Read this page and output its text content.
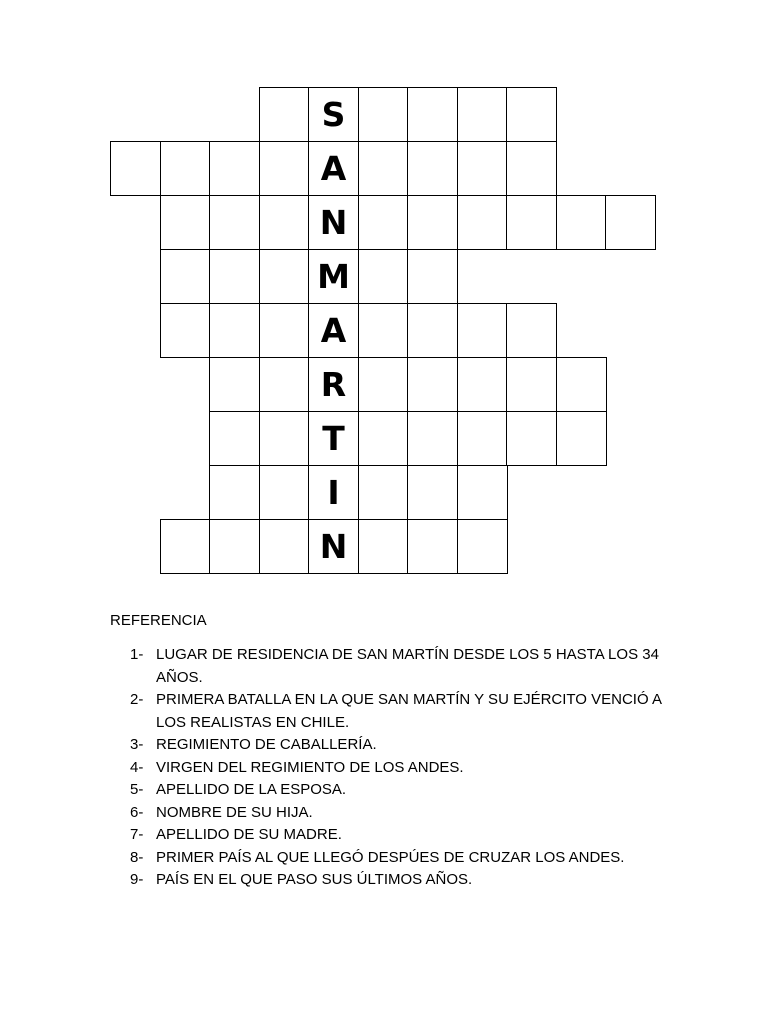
S
A
N
M
A
R
T
I
N

REFERENCIA

1- LUGAR DE RESIDENCIA DE SAN MARTÍN DESDE LOS 5 HASTA LOS 34 AÑOS.
2- PRIMERA BATALLA EN LA QUE SAN MARTÍN Y SU EJÉRCITO VENCIÓ A LOS REALISTAS EN CHILE.
3- REGIMIENTO DE CABALLERÍA.
4- VIRGEN DEL REGIMIENTO DE LOS ANDES.
5- APELLIDO DE LA ESPOSA.
6- NOMBRE DE SU HIJA.
7- APELLIDO DE SU MADRE.
8- PRIMER PAÍS AL QUE LLEGÓ DESPÚES DE CRUZAR LOS ANDES.
9- PAÍS EN EL QUE PASO SUS ÚLTIMOS AÑOS.
